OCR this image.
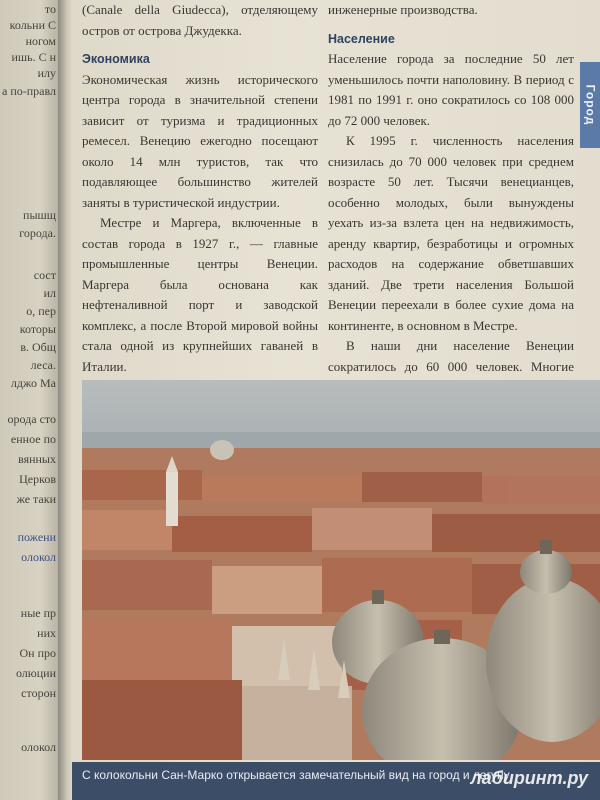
то
кольни С
ногом
ишь. С н
илу
а по-правл
пышщ
города.
сост
ил
о, пер
которы
в. Общ
леса.
лджо Ма
орода сто
енное по
вянных
Церков
же таки
пожени
олокол
ные пр
них
Он про
олюции
сторон
олокол

(Canale della Giudecca), отделяющему остров от острова Джудекка.

Экономика

Экономическая жизнь исторического центра города в значительной степени зависит от туризма и традиционных ремесел. Венецию ежегодно посещают около 14 млн туристов, так что подавляющее большинство жителей заняты в туристической индустрии.

Местре и Маргера, включенные в состав города в 1927 г., — главные промышленные центры Венеции. Маргера была основана как нефтеналивной порт и заводской комплекс, а после Второй мировой войны стала одной из крупнейших гаваней в Италии.

инженерные производства.

Население

Население города за последние 50 лет уменьшилось почти наполовину. В период с 1981 по 1991 г. оно сократилось со 108 000 до 72 000 человек.

К 1995 г. численность населения снизилась до 70 000 человек при среднем возрасте 50 лет. Тысячи венецианцев, особенно молодых, были вынуждены уехать из-за взлета цен на недвижимость, аренду квартир, безработицы и огромных расходов на содержание обветшавших зданий. Две трети населения Большой Венеции переехали в более сухие дома на континенте, в основном в Местре.

В наши дни население Венеции сократилось до 60 000 человек. Многие

Город
С колокольни Сан-Марко открывается замечательный вид на город и лагуну
лабиринт.ру
